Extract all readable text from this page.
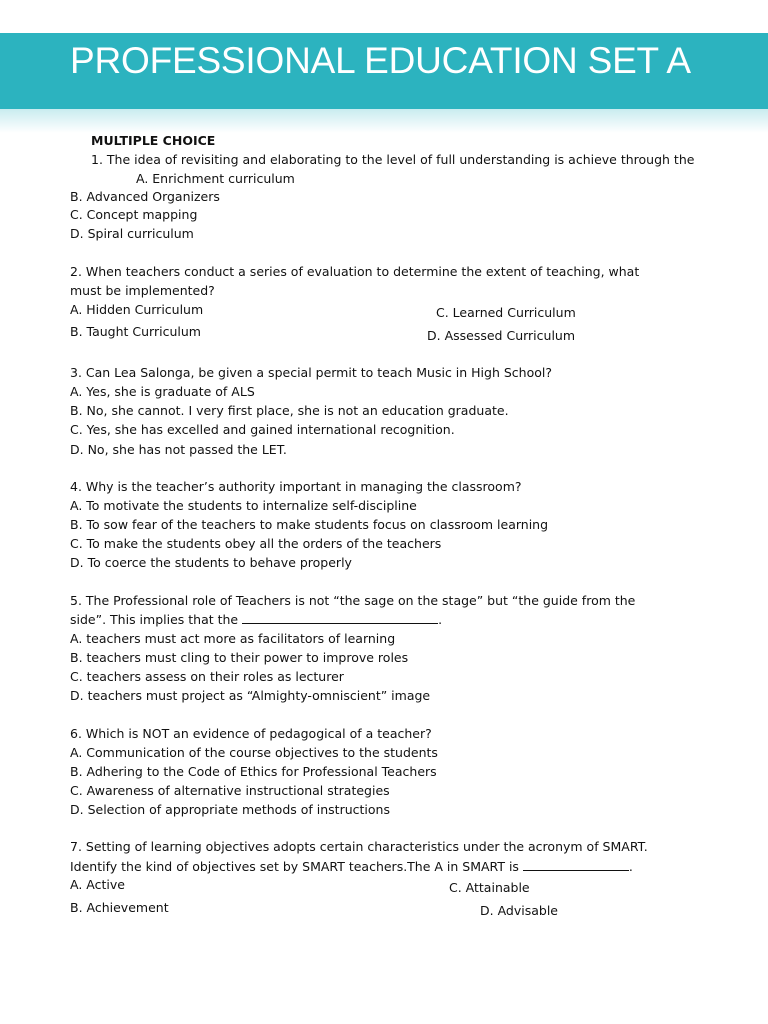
PROFESSIONAL EDUCATION SET A
MULTIPLE CHOICE
1. The idea of revisiting and elaborating to the level of full understanding is achieve through the
A. Enrichment curriculum
B. Advanced Organizers
C. Concept mapping
D. Spiral curriculum
2. When teachers conduct a series of evaluation to determine the extent of teaching, what
must be implemented?
A. Hidden Curriculum
B. Taught Curriculum
C. Learned Curriculum
D. Assessed Curriculum
3. Can Lea Salonga, be given a special permit to teach Music in High School?
A. Yes, she is graduate of ALS
B. No, she cannot. I very first place, she is not an education graduate.
C. Yes, she has excelled and gained international recognition.
D. No, she has not passed the LET.
4. Why is the teacher’s authority important in managing the classroom?
A. To motivate the students to internalize self-discipline
B. To sow fear of the teachers to make students focus on classroom learning
C. To make the students obey all the orders of the teachers
D. To coerce the students to behave properly
5. The Professional role of Teachers is not “the sage on the stage” but “the guide from the
side”. This implies that the	.
A. teachers must act more as facilitators of learning
B. teachers must cling to their power to improve roles
C. teachers assess on their roles as lecturer
D. teachers must project as “Almighty-omniscient” image
6. Which is NOT an evidence of pedagogical of a teacher?
A. Communication of the course objectives to the students
B. Adhering to the Code of Ethics for Professional Teachers
C. Awareness of alternative instructional strategies
D. Selection of appropriate methods of instructions
7. Setting of learning objectives adopts certain characteristics under the acronym of SMART.
Identify the kind of objectives set by SMART teachers.The A in SMART is	.
A. Active
B. Achievement
C. Attainable
D. Advisable
